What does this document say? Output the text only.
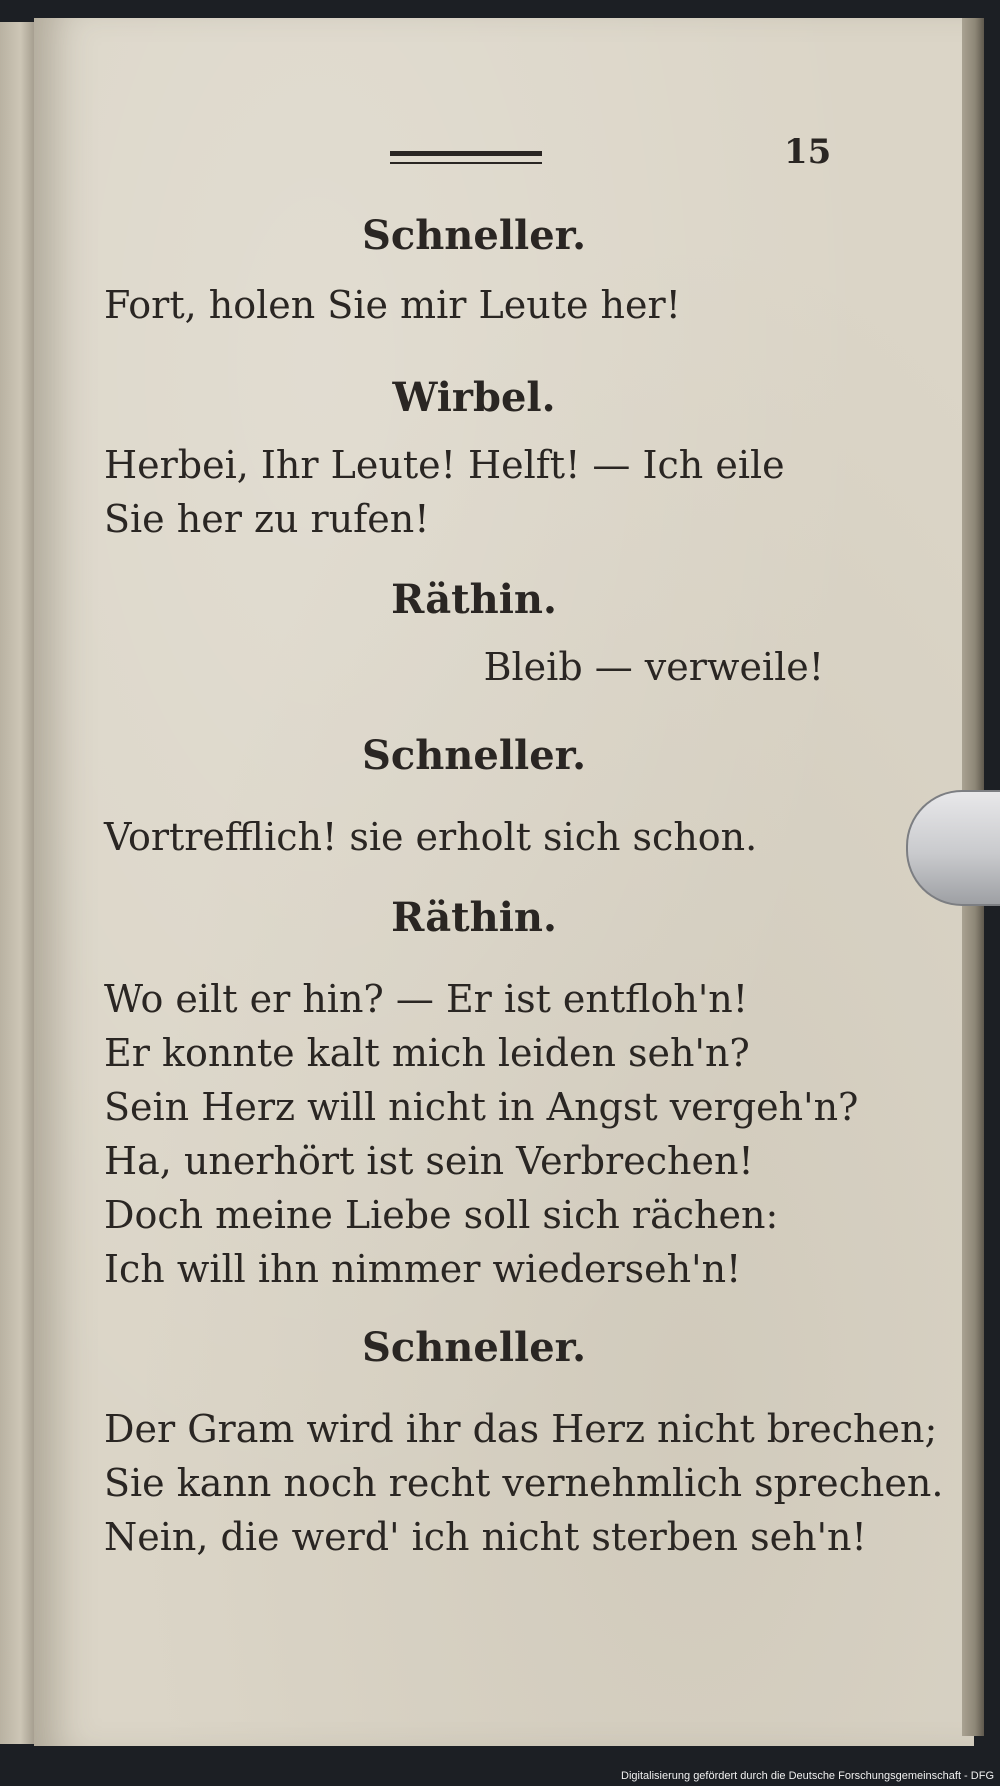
15
Schneller.
Fort, holen Sie mir Leute her!
Wirbel.
Herbei, Ihr Leute! Helft! — Ich eile
Sie her zu rufen!
Räthin.
Bleib — verweile!
Schneller.
Vortrefflich! sie erholt sich schon.
Räthin.
Wo eilt er hin? — Er ist entfloh'n!
Er konnte kalt mich leiden seh'n?
Sein Herz will nicht in Angst vergeh'n?
Ha, unerhört ist sein Verbrechen!
Doch meine Liebe soll sich rächen:
Ich will ihn nimmer wiederseh'n!
Schneller.
Der Gram wird ihr das Herz nicht brechen;
Sie kann noch recht vernehmlich sprechen.
Nein, die werd' ich nicht sterben seh'n!
Digitalisierung gefördert durch die Deutsche Forschungsgemeinschaft - DFG
